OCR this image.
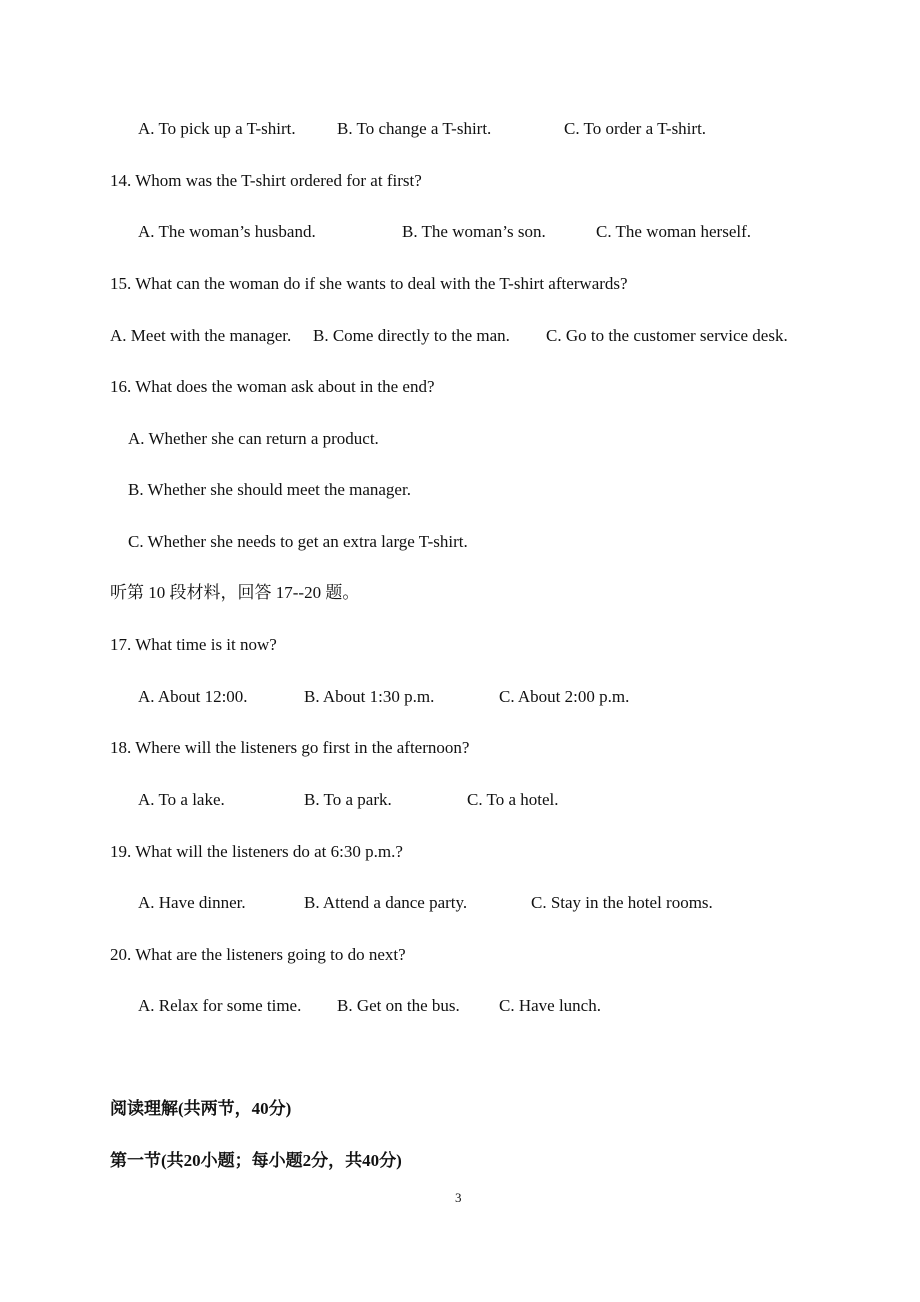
A. To pick up a T-shirt. B. To change a T-shirt.	C. To order a T-shirt.
14. Whom was the T-shirt ordered for at first?
A. The woman’s husband.	B. The woman’s son.	C. The woman herself.
15. What can the woman do if she wants to deal with the T-shirt afterwards?
A. Meet with the manager. B. Come directly to the man. C. Go to the customer service desk.
16. What does the woman ask about in the end?
A. Whether she can return a product.
B. Whether she should meet the manager.
C. Whether she needs to get an extra large T-shirt.
听第 10 段材料，回答 17--20 题。
17. What time is it now?
A. About 12:00.	B. About 1:30 p.m.	C. About 2:00 p.m.
18. Where will the listeners go first in the afternoon?
A. To a lake.	B. To a park.	C. To a hotel.
19. What will the listeners do at 6:30 p.m.?
A. Have dinner.	B. Attend a dance party.	C. Stay in the hotel rooms.
20. What are the listeners going to do next?
A. Relax for some time. B. Get on the bus. C. Have lunch.
阅读理解(共两节，40分)
第一节(共20小题；每小题2分，共40分)
3
